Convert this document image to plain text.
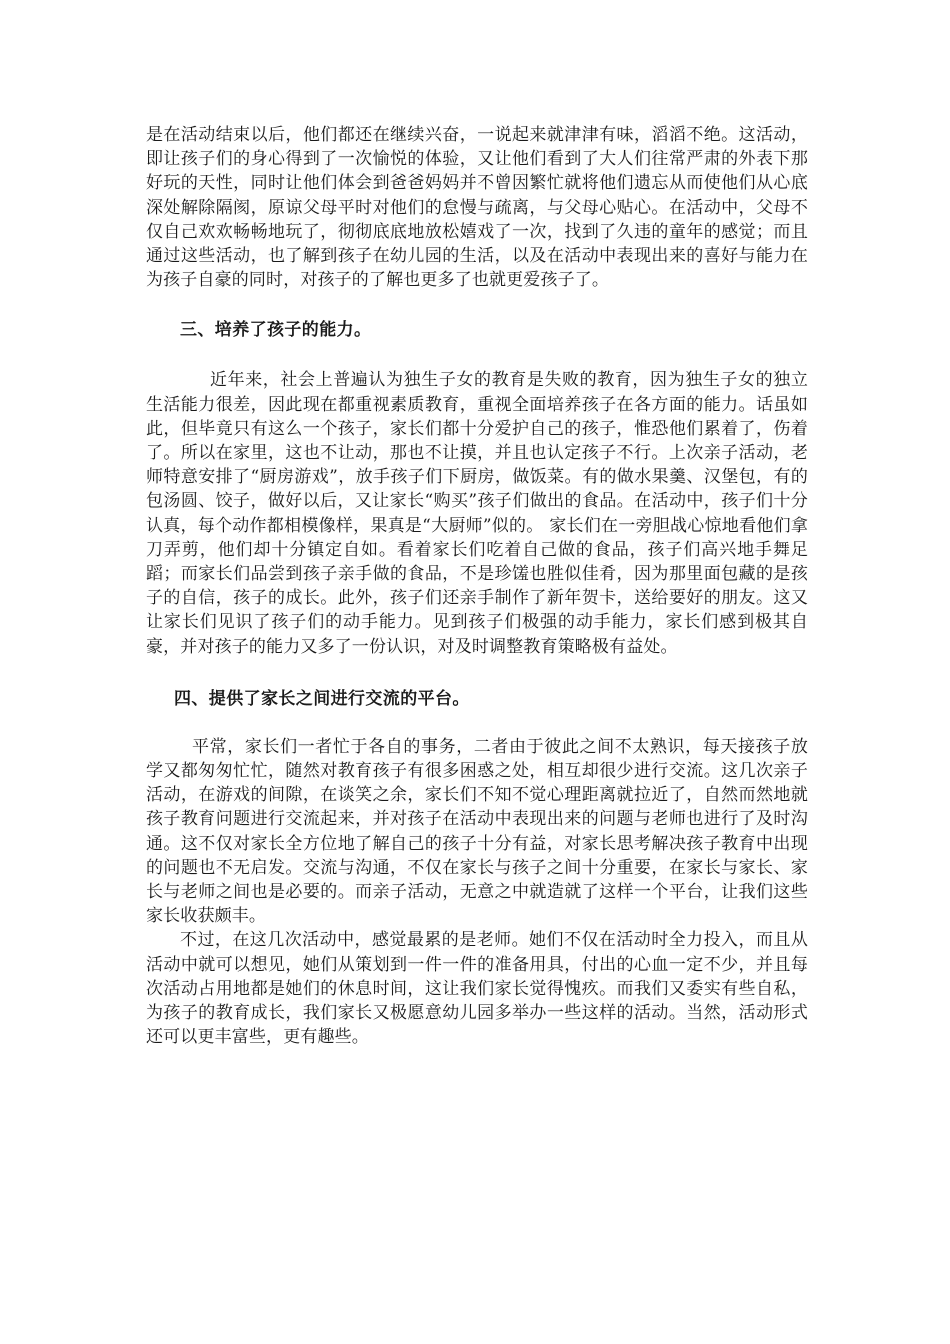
是在活动结束以后，他们都还在继续兴奋，一说起来就津津有味，滔滔不绝。这活动，即让孩子们的身心得到了一次愉悦的体验，又让他们看到了大人们往常严肃的外表下那好玩的天性，同时让他们体会到爸爸妈妈并不曾因繁忙就将他们遗忘从而使他们从心底深处解除隔阂，原谅父母平时对他们的怠慢与疏离，与父母心贴心。在活动中，父母不仅自己欢欢畅畅地玩了，彻彻底底地放松嬉戏了一次，找到了久违的童年的感觉；而且通过这些活动，也了解到孩子在幼儿园的生活，以及在活动中表现出来的喜好与能力在为孩子自豪的同时，对孩子的了解也更多了也就更爱孩子了。

三、培养了孩子的能力。

近年来，社会上普遍认为独生子女的教育是失败的教育，因为独生子女的独立生活能力很差，因此现在都重视素质教育，重视全面培养孩子在各方面的能力。话虽如此，但毕竟只有这么一个孩子，家长们都十分爱护自己的孩子，惟恐他们累着了，伤着了。所以在家里，这也不让动，那也不让摸，并且也认定孩子不行。上次亲子活动，老师特意安排了“厨房游戏”，放手孩子们下厨房，做饭菜。有的做水果羹、汉堡包，有的包汤圆、饺子，做好以后，又让家长“购买”孩子们做出的食品。在活动中，孩子们十分认真，每个动作都相模像样，果真是“大厨师”似的。 家长们在一旁胆战心惊地看他们拿刀弄剪，他们却十分镇定自如。看着家长们吃着自己做的食品，孩子们高兴地手舞足蹈；而家长们品尝到孩子亲手做的食品，不是珍馐也胜似佳肴，因为那里面包藏的是孩子的自信，孩子的成长。此外，孩子们还亲手制作了新年贺卡，送给要好的朋友。这又让家长们见识了孩子们的动手能力。见到孩子们极强的动手能力，家长们感到极其自豪，并对孩子的能力又多了一份认识，对及时调整教育策略极有益处。

四、提供了家长之间进行交流的平台。

平常，家长们一者忙于各自的事务，二者由于彼此之间不太熟识，每天接孩子放学又都匆匆忙忙，随然对教育孩子有很多困惑之处，相互却很少进行交流。这几次亲子活动，在游戏的间隙，在谈笑之余，家长们不知不觉心理距离就拉近了，自然而然地就孩子教育问题进行交流起来，并对孩子在活动中表现出来的问题与老师也进行了及时沟通。这不仅对家长全方位地了解自己的孩子十分有益，对家长思考解决孩子教育中出现的问题也不无启发。交流与沟通，不仅在家长与孩子之间十分重要，在家长与家长、家长与老师之间也是必要的。而亲子活动，无意之中就造就了这样一个平台，让我们这些家长收获颇丰。

不过，在这几次活动中，感觉最累的是老师。她们不仅在活动时全力投入，而且从活动中就可以想见，她们从策划到一件一件的准备用具，付出的心血一定不少，并且每次活动占用地都是她们的休息时间，这让我们家长觉得愧疚。而我们又委实有些自私，为孩子的教育成长，我们家长又极愿意幼儿园多举办一些这样的活动。当然，活动形式还可以更丰富些，更有趣些。
